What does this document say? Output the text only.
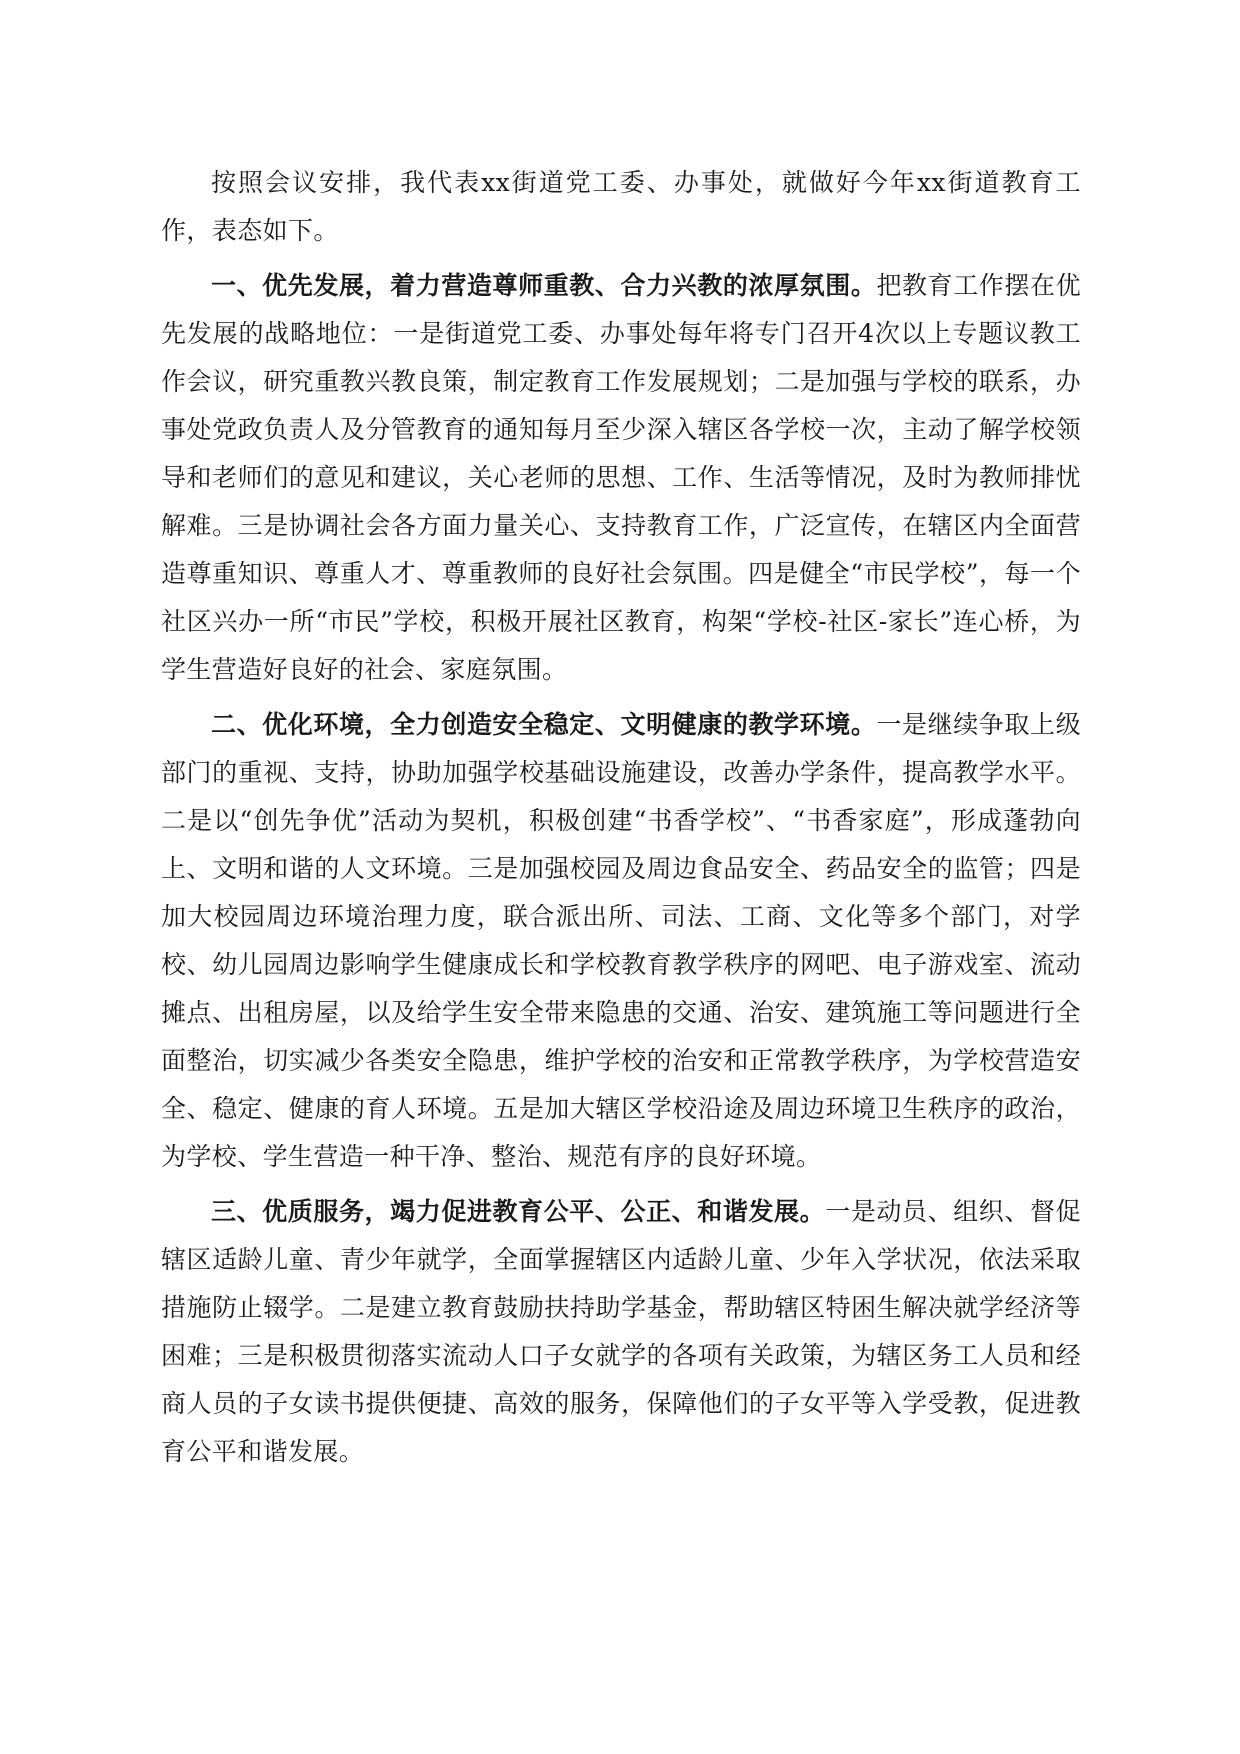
按照会议安排，我代表xx街道党工委、办事处，就做好今年xx街道教育工作，表态如下。

一、优先发展，着力营造尊师重教、合力兴教的浓厚氛围。把教育工作摆在优先发展的战略地位：一是街道党工委、办事处每年将专门召开4次以上专题议教工作会议，研究重教兴教良策，制定教育工作发展规划；二是加强与学校的联系，办事处党政负责人及分管教育的通知每月至少深入辖区各学校一次，主动了解学校领导和老师们的意见和建议，关心老师的思想、工作、生活等情况，及时为教师排忧解难。三是协调社会各方面力量关心、支持教育工作，广泛宣传，在辖区内全面营造尊重知识、尊重人才、尊重教师的良好社会氛围。四是健全“市民学校”，每一个社区兴办一所“市民”学校，积极开展社区教育，构架“学校-社区-家长”连心桥，为学生营造好良好的社会、家庭氛围。

二、优化环境，全力创造安全稳定、文明健康的教学环境。一是继续争取上级部门的重视、支持，协助加强学校基础设施建设，改善办学条件，提高教学水平。二是以“创先争优”活动为契机，积极创建“书香学校”、“书香家庭”，形成蓬勃向上、文明和谐的人文环境。三是加强校园及周边食品安全、药品安全的监管；四是加大校园周边环境治理力度，联合派出所、司法、工商、文化等多个部门，对学校、幼儿园周边影响学生健康成长和学校教育教学秩序的网吧、电子游戏室、流动摊点、出租房屋，以及给学生安全带来隐患的交通、治安、建筑施工等问题进行全面整治，切实减少各类安全隐患，维护学校的治安和正常教学秩序，为学校营造安全、稳定、健康的育人环境。五是加大辖区学校沿途及周边环境卫生秩序的政治，为学校、学生营造一种干净、整治、规范有序的良好环境。

三、优质服务，竭力促进教育公平、公正、和谐发展。一是动员、组织、督促辖区适龄儿童、青少年就学，全面掌握辖区内适龄儿童、少年入学状况，依法采取措施防止辍学。二是建立教育鼓励扶持助学基金，帮助辖区特困生解决就学经济等困难；三是积极贯彻落实流动人口子女就学的各项有关政策，为辖区务工人员和经商人员的子女读书提供便捷、高效的服务，保障他们的子女平等入学受教，促进教育公平和谐发展。
